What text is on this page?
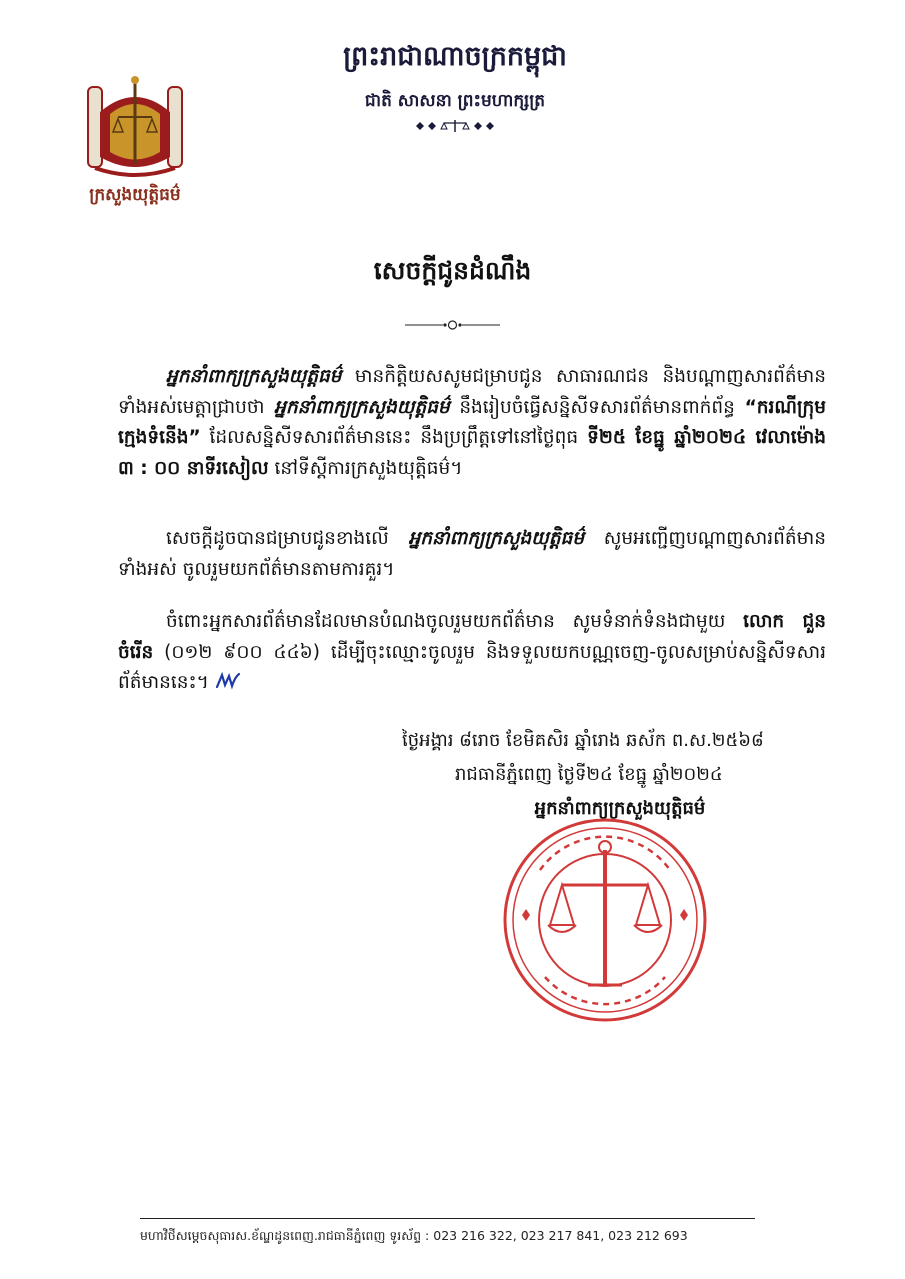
ក្រសួងយុត្តិធម៌
ព្រះរាជាណាចក្រកម្ពុជា
ជាតិ សាសនា ព្រះមហាក្សត្រ
សេចក្តីជូនដំណឹង
អ្នកនាំពាក្យក្រសួងយុត្តិធម៌ មានកិត្តិយសសូមជម្រាបជូន សាធារណជន និងបណ្តាញសារព័ត៌មានទាំងអស់មេត្តាជ្រាបថា អ្នកនាំពាក្យក្រសួងយុត្តិធម៌ នឹងរៀបចំធ្វើសន្និសីទសារព័ត៌មានពាក់ព័ន្ធ “ករណីក្រុមក្មេងទំនើង” ដែលសន្និសីទសារព័ត៌មាននេះ នឹងប្រព្រឹត្តទៅនៅថ្ងៃពុធ ទី២៥ ខែធ្នូ ឆ្នាំ២០២៤ វេលាម៉ោង ៣ : ០០ នាទីរសៀល នៅទីស្តីការក្រសួងយុត្តិធម៌។
សេចក្តីដូចបានជម្រាបជូនខាងលើ អ្នកនាំពាក្យក្រសួងយុត្តិធម៌ សូមអញ្ជើញបណ្តាញសារព័ត៌មានទាំងអស់ ចូលរួមយកព័ត៌មានតាមការគួរ។
ចំពោះអ្នកសារព័ត៌មានដែលមានបំណងចូលរួមយកព័ត៌មាន សូមទំនាក់ទំនងជាមួយ លោក ជួន ចំរើន (០១២ ៩០០ ៤៤៦) ដើម្បីចុះឈ្មោះចូលរួម និងទទួលយកបណ្ណចេញ-ចូលសម្រាប់សន្និសីទសារព័ត៌មាននេះ។
ថ្ងៃអង្គារ ៨រោច ខែមិគសិរ ឆ្នាំរោង ឆស័ក ព.ស.២៥៦៨
រាជធានីភ្នំពេញ ថ្ងៃទី២៤ ខែធ្នូ ឆ្នាំ២០២៤
អ្នកនាំពាក្យក្រសួងយុត្តិធម៌
មហាវិថីសម្តេចសុធារស.ខ័ណ្ឌដូនពេញ.រាជធានីភ្នំពេញ ទូរស័ព្ទ : 023 216 322, 023 217 841, 023 212 693
